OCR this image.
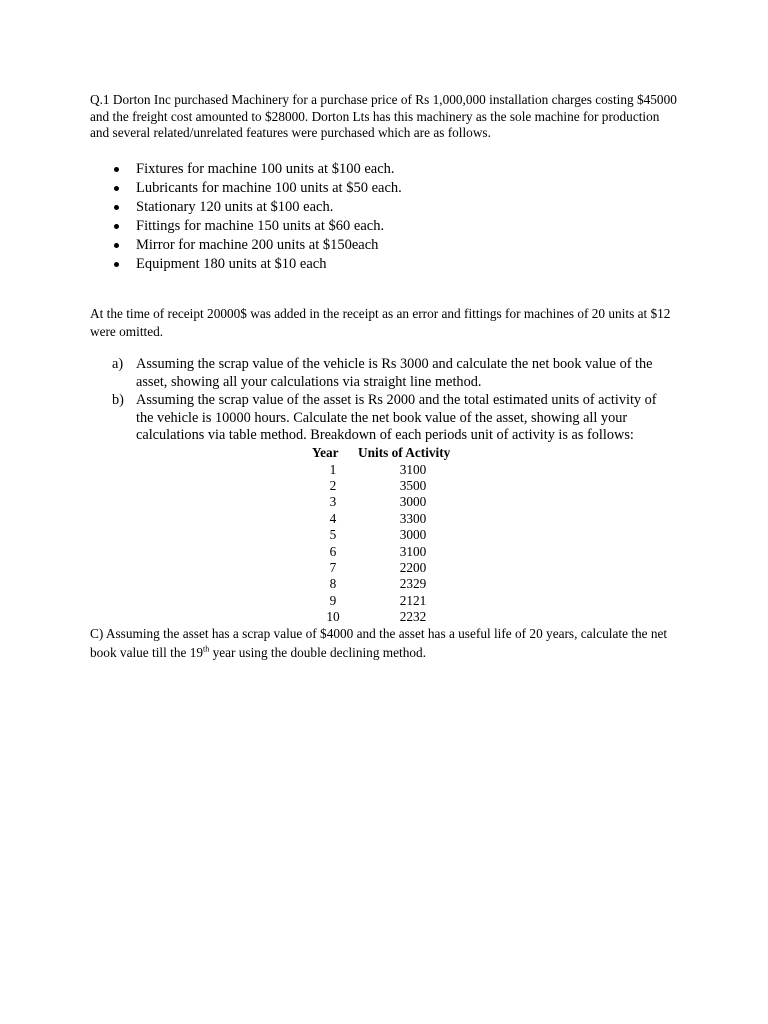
Q.1 Dorton Inc purchased Machinery for a purchase price of Rs 1,000,000 installation charges costing $45000 and the freight cost amounted to $28000. Dorton Lts has this machinery as the sole machine for production and several related/unrelated features were purchased which are as follows.

Fixtures for machine 100 units at $100 each.
Lubricants for machine 100 units at $50 each.
Stationary 120 units at $100 each.
Fittings for machine 150 units at $60 each.
Mirror for machine 200 units at $150each
Equipment 180 units at $10 each

At the time of receipt 20000$ was added in the receipt as an error and fittings for machines of 20 units at $12 were omitted.

a) Assuming the scrap value of the vehicle is Rs 3000 and calculate the net book value of the asset, showing all your calculations via straight line method.
b) Assuming the scrap value of the asset is Rs 2000 and the total estimated units of activity of the vehicle is 10000 hours. Calculate the net book value of the asset, showing all your calculations via table method. Breakdown of each periods unit of activity is as follows:
Year	Units of Activity
1	3100
2	3500
3	3000
4	3300
5	3000
6	3100
7	2200
8	2329
9	2121
10	2232

C) Assuming the asset has a scrap value of $4000 and the asset has a useful life of 20 years, calculate the net book value till the 19th year using the double declining method.
